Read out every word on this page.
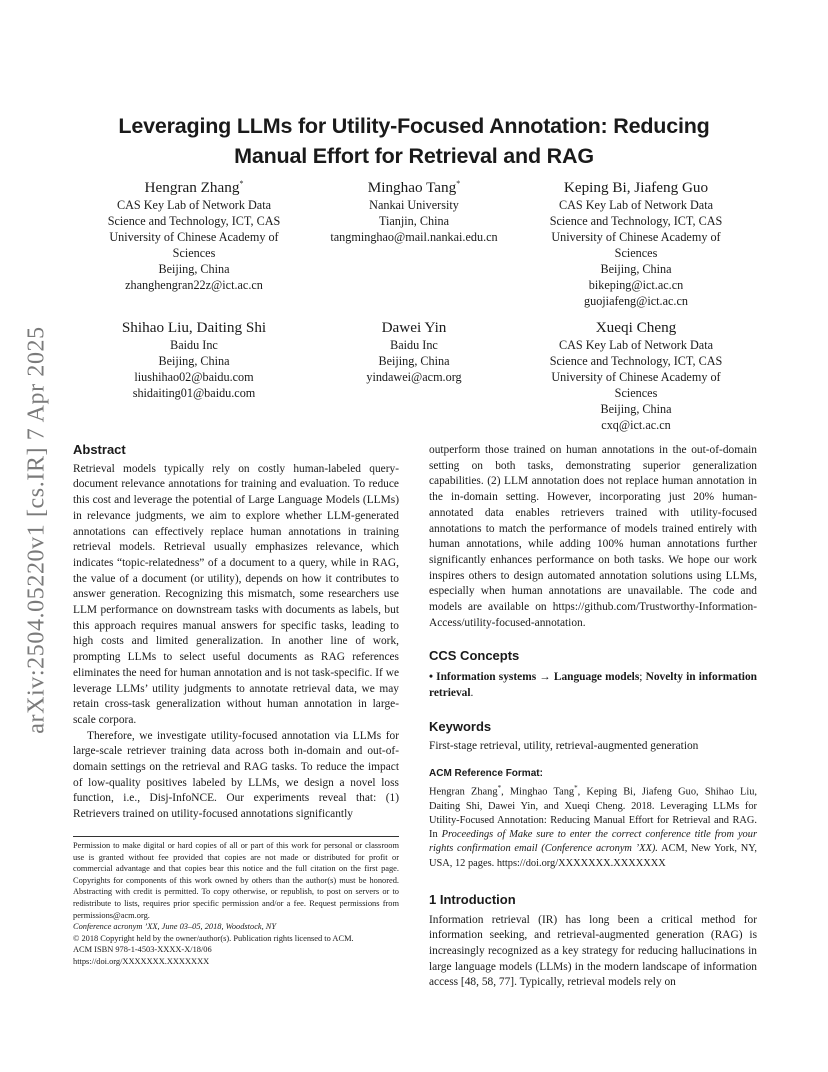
arXiv:2504.05220v1 [cs.IR] 7 Apr 2025
Leveraging LLMs for Utility-Focused Annotation: Reducing
Manual Effort for Retrieval and RAG
Hengran Zhang*
CAS Key Lab of Network Data
Science and Technology, ICT, CAS
University of Chinese Academy of
Sciences
Beijing, China
zhanghengran22z@ict.ac.cn
Minghao Tang*
Nankai University
Tianjin, China
tangminghao@mail.nankai.edu.cn
Keping Bi, Jiafeng Guo
CAS Key Lab of Network Data
Science and Technology, ICT, CAS
University of Chinese Academy of
Sciences
Beijing, China
bikeping@ict.ac.cn
guojiafeng@ict.ac.cn
Shihao Liu, Daiting Shi
Baidu Inc
Beijing, China
liushihao02@baidu.com
shidaiting01@baidu.com
Dawei Yin
Baidu Inc
Beijing, China
yindawei@acm.org
Xueqi Cheng
CAS Key Lab of Network Data
Science and Technology, ICT, CAS
University of Chinese Academy of
Sciences
Beijing, China
cxq@ict.ac.cn

Abstract

Retrieval models typically rely on costly human-labeled query-document relevance annotations for training and evaluation. To reduce this cost and leverage the potential of Large Language Models (LLMs) in relevance judgments, we aim to explore whether LLM-generated annotations can effectively replace human annotations in training retrieval models. Retrieval usually emphasizes relevance, which indicates “topic-relatedness” of a document to a query, while in RAG, the value of a document (or utility), depends on how it contributes to answer generation. Recognizing this mismatch, some researchers use LLM performance on downstream tasks with documents as labels, but this approach requires manual answers for specific tasks, leading to high costs and limited generalization. In another line of work, prompting LLMs to select useful documents as RAG references eliminates the need for human annotation and is not task-specific. If we leverage LLMs’ utility judgments to annotate retrieval data, we may retain cross-task generalization without human annotation in large-scale corpora.

Therefore, we investigate utility-focused annotation via LLMs for large-scale retriever training data across both in-domain and out-of-domain settings on the retrieval and RAG tasks. To reduce the impact of low-quality positives labeled by LLMs, we design a novel loss function, i.e., Disj-InfoNCE. Our experiments reveal that: (1) Retrievers trained on utility-focused annotations significantly

Permission to make digital or hard copies of all or part of this work for personal or classroom use is granted without fee provided that copies are not made or distributed for profit or commercial advantage and that copies bear this notice and the full citation on the first page. Copyrights for components of this work owned by others than the author(s) must be honored. Abstracting with credit is permitted. To copy otherwise, or republish, to post on servers or to redistribute to lists, requires prior specific permission and/or a fee. Request permissions from permissions@acm.org.

Conference acronym ’XX, June 03–05, 2018, Woodstock, NY

© 2018 Copyright held by the owner/author(s). Publication rights licensed to ACM.

ACM ISBN 978-1-4503-XXXX-X/18/06

https://doi.org/XXXXXXX.XXXXXXX

outperform those trained on human annotations in the out-of-domain setting on both tasks, demonstrating superior generalization capabilities. (2) LLM annotation does not replace human annotation in the in-domain setting. However, incorporating just 20% human-annotated data enables retrievers trained with utility-focused annotations to match the performance of models trained entirely with human annotations, while adding 100% human annotations further significantly enhances performance on both tasks. We hope our work inspires others to design automated annotation solutions using LLMs, especially when human annotations are unavailable. The code and models are available on https://github.com/Trustworthy-Information-Access/utility-focused-annotation.

CCS Concepts

• Information systems → Language models; Novelty in information retrieval.

Keywords

First-stage retrieval, utility, retrieval-augmented generation

ACM Reference Format:
Hengran Zhang*, Minghao Tang*, Keping Bi, Jiafeng Guo, Shihao Liu, Daiting Shi, Dawei Yin, and Xueqi Cheng. 2018. Leveraging LLMs for Utility-Focused Annotation: Reducing Manual Effort for Retrieval and RAG. In Proceedings of Make sure to enter the correct conference title from your rights confirmation email (Conference acronym ’XX). ACM, New York, NY, USA, 12 pages. https://doi.org/XXXXXXX.XXXXXXX

1 Introduction

Information retrieval (IR) has long been a critical method for information seeking, and retrieval-augmented generation (RAG) is increasingly recognized as a key strategy for reducing hallucinations in large language models (LLMs) in the modern landscape of information access [48, 58, 77]. Typically, retrieval models rely on
